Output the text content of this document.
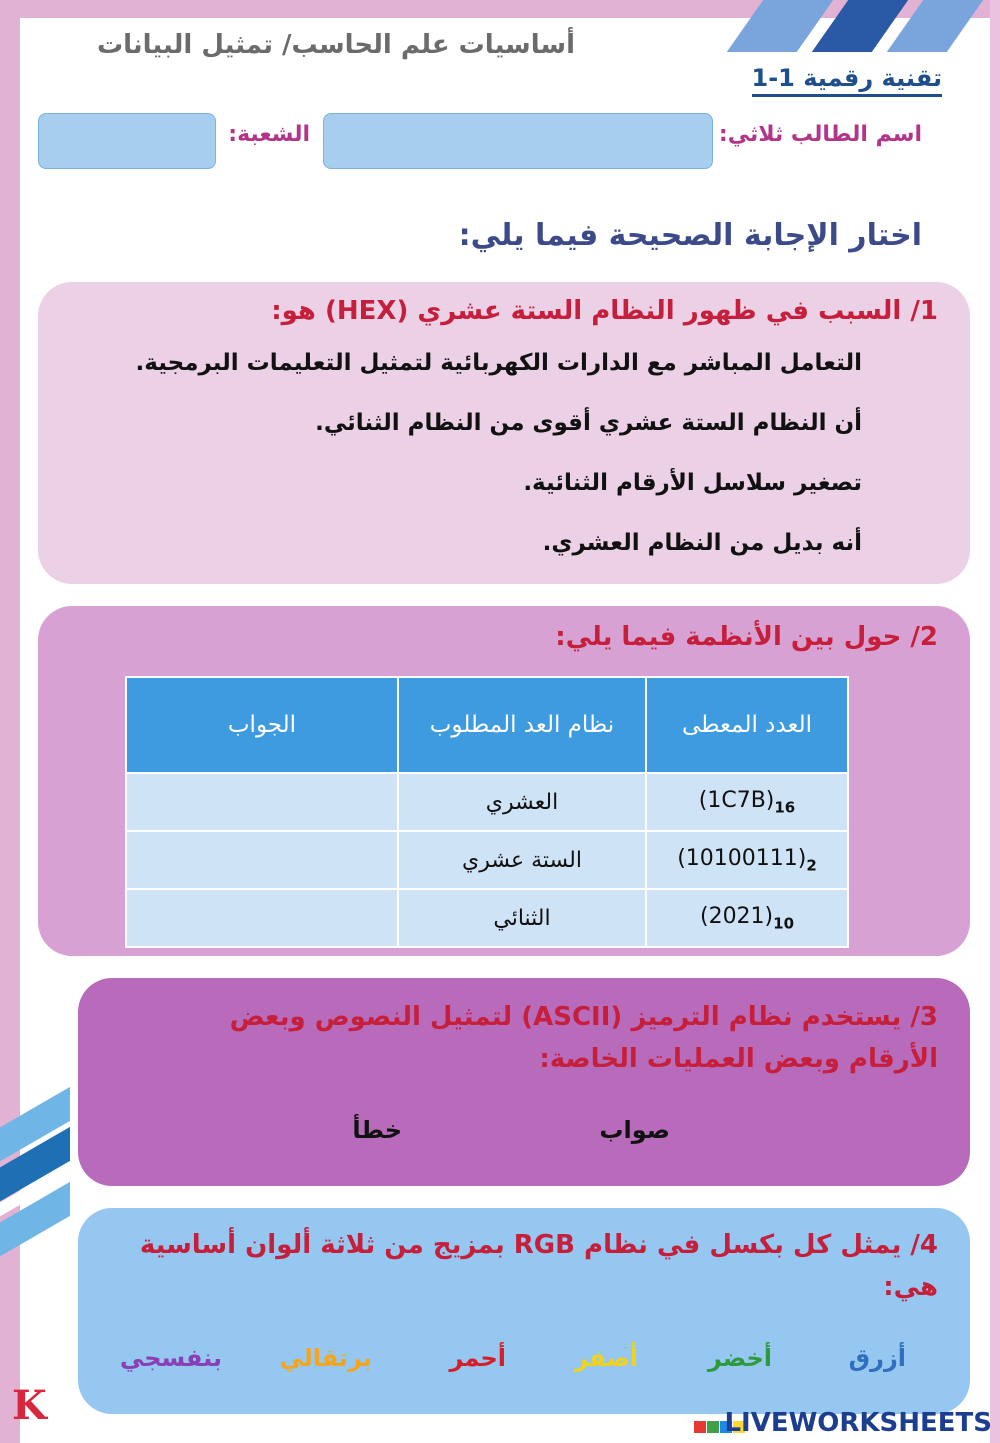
أساسيات علم الحاسب/ تمثيل البيانات
تقنية رقمية 1-1
اسم الطالب ثلاثي:
الشعبة:
اختار الإجابة الصحيحة فيما يلي:
1/ السبب في ظهور النظام الستة عشري (HEX) هو:
التعامل المباشر مع الدارات الكهربائية لتمثيل التعليمات البرمجية.
أن النظام الستة عشري أقوى من النظام الثنائي.
تصغير سلاسل الأرقام الثنائية.
أنه بديل من النظام العشري.
2/ حول بين الأنظمة فيما يلي:
العدد المعطى	نظام العد المطلوب	الجواب
$(1C7B)_{16}$	العشري	
$(10100111)_2$	الستة عشري	
$(2021)_{10}$	الثنائي	
3/ يستخدم نظام الترميز (ASCII) لتمثيل النصوص وبعض الأرقام وبعض العمليات الخاصة:
صواب
خطأ
4/ يمثل كل بكسل في نظام RGB بمزيج من ثلاثة ألوان أساسية هي:
أزرق
أخضر
أصفر
أحمر
برتقالي
بنفسجي
K	LIVEWORKSHEETS
